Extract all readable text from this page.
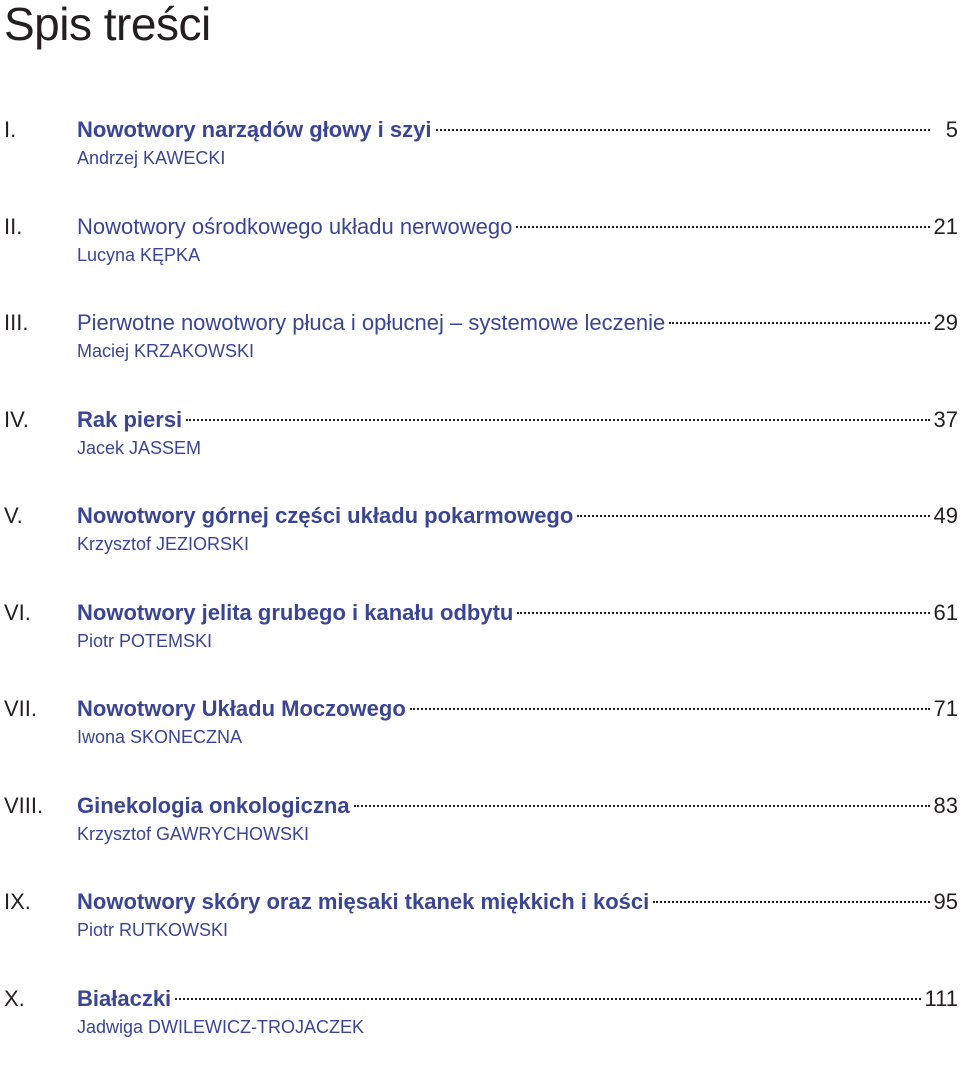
Spis treści
I.	Nowotwory narządów głowy i szyi	5
Andrzej KAWECKI
II.	Nowotwory ośrodkowego układu nerwowego	21
Lucyna KĘPKA
III.	Pierwotne nowotwory płuca i opłucnej – systemowe leczenie	29
Maciej KRZAKOWSKI
IV.	Rak piersi	37
Jacek JASSEM
V.	Nowotwory górnej części układu pokarmowego	49
Krzysztof JEZIORSKI
VI.	Nowotwory jelita grubego i kanału odbytu	61
Piotr POTEMSKI
VII.	Nowotwory Układu Moczowego	71
Iwona SKONECZNA
VIII.	Ginekologia onkologiczna	83
Krzysztof GAWRYCHOWSKI
IX.	Nowotwory skóry oraz mięsaki tkanek miękkich i kości	95
Piotr RUTKOWSKI
X.	Białaczki	111
Jadwiga DWILEWICZ-TROJACZEK
